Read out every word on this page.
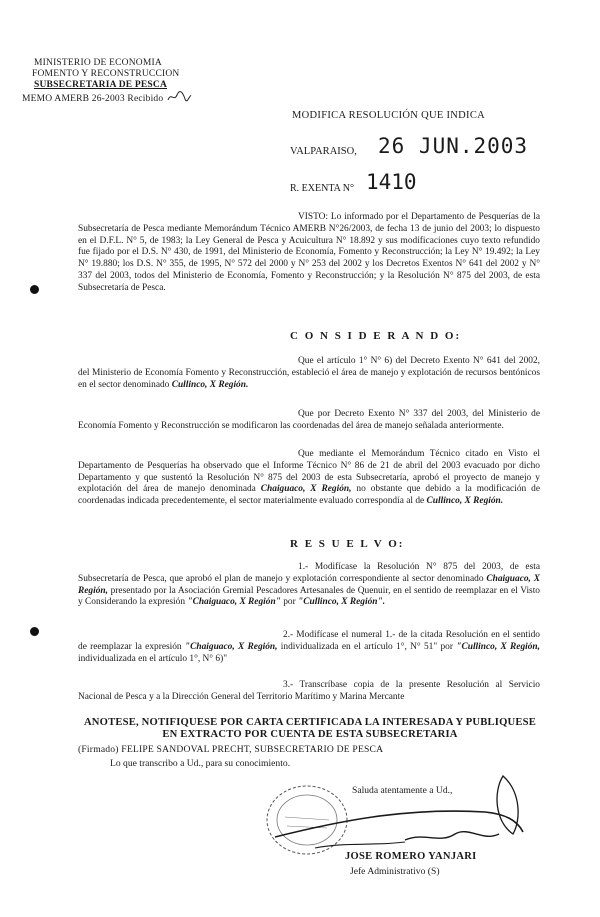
MINISTERIO DE ECONOMIA
FOMENTO Y RECONSTRUCCION
SUBSECRETARIA DE PESCA
MEMO AMERB 26-2003 Recibido
MODIFICA RESOLUCIÓN QUE INDICA
26 JUN.2003
VALPARAISO,
1410
R. EXENTA N°
VISTO: Lo informado por el Departamento de Pesquerías de la Subsecretaría de Pesca mediante Memorándum Técnico AMERB N°26/2003, de fecha 13 de junio del 2003; lo dispuesto en el D.F.L. N° 5, de 1983; la Ley General de Pesca y Acuicultura N° 18.892 y sus modificaciones cuyo texto refundido fue fijado por el D.S. N° 430, de 1991, del Ministerio de Economía, Fomento y Reconstrucción; la Ley N° 19.492; la Ley N° 19.880; los D.S. N° 355, de 1995, N° 572 del 2000 y N° 253 del 2002 y los Decretos Exentos N° 641 del 2002 y N° 337 del 2003, todos del Ministerio de Economía, Fomento y Reconstrucción; y la Resolución N° 875 del 2003, de esta Subsecretaría de Pesca.
C O N S I D E R A N D O:
Que el artículo 1° N° 6) del Decreto Exento N° 641 del 2002, del Ministerio de Economía Fomento y Reconstrucción, estableció el área de manejo y explotación de recursos bentónicos en el sector denominado Cullinco, X Región.
Que por Decreto Exento N° 337 del 2003, del Ministerio de Economía Fomento y Reconstrucción se modificaron las coordenadas del área de manejo señalada anteriormente.
Que mediante el Memorándum Técnico citado en Visto el Departamento de Pesquerías ha observado que el Informe Técnico N° 86 de 21 de abril del 2003 evacuado por dicho Departamento y que sustentó la Resolución N° 875 del 2003 de esta Subsecretaría, aprobó el proyecto de manejo y explotación del área de manejo denominada Chaiguaco, X Región, no obstante que debido a la modificación de coordenadas indicada precedentemente, el sector materialmente evaluado correspondía al de Cullinco, X Región.
R E S U E L V O:
1.- Modifícase la Resolución N° 875 del 2003, de esta Subsecretaría de Pesca, que aprobó el plan de manejo y explotación correspondiente al sector denominado Chaiguaco, X Región, presentado por la Asociación Gremial Pescadores Artesanales de Quenuir, en el sentido de reemplazar en el Visto y Considerando la expresión "Chaiguaco, X Región" por "Cullinco, X Región".
2.- Modifícase el numeral 1.- de la citada Resolución en el sentido de reemplazar la expresión "Chaiguaco, X Región, individualizada en el artículo 1°, N° 51" por "Cullinco, X Región, individualizada en el artículo 1°, N° 6)"
3.- Transcríbase copia de la presente Resolución al Servicio Nacional de Pesca y a la Dirección General del Territorio Marítimo y Marina Mercante
ANOTESE, NOTIFIQUESE POR CARTA CERTIFICADA LA INTERESADA Y PUBLIQUESE
EN EXTRACTO POR CUENTA DE ESTA SUBSECRETARIA
(Firmado) FELIPE SANDOVAL PRECHT, SUBSECRETARIO DE PESCA
Lo que transcribo a Ud., para su conocimiento.
Saluda atentamente a Ud.,
JOSE ROMERO YANJARI
Jefe Administrativo (S)
